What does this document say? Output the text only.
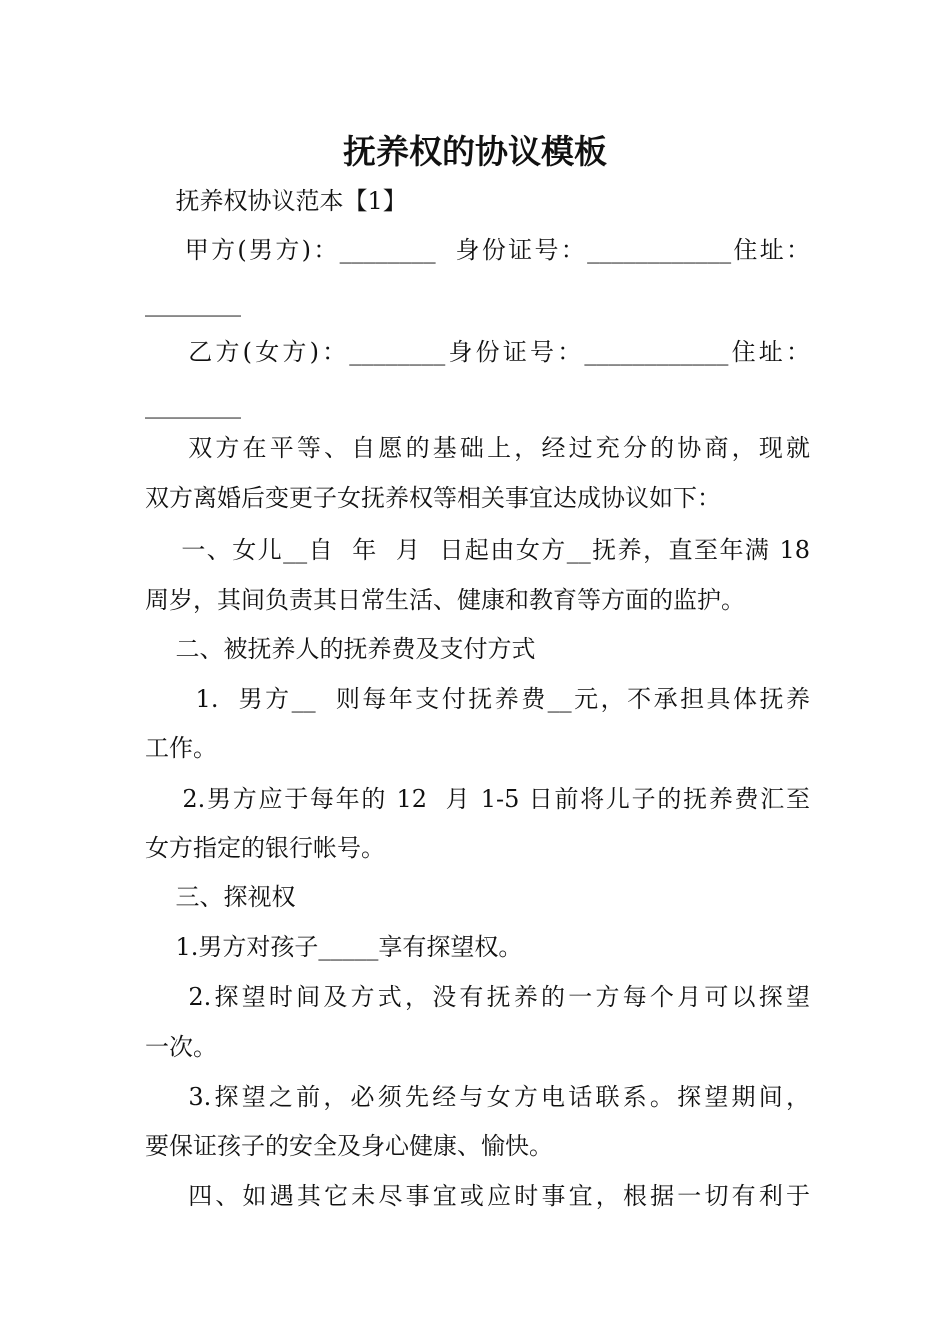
抚养权的协议模板
抚养权协议范本【1】
甲方(男方)：________  身份证号：____________住址：
________
乙方(女方)：________身份证号：____________住址：
________
双方在平等、自愿的基础上，经过充分的协商，现就
双方离婚后变更子女抚养权等相关事宜达成协议如下：
一、女儿__自  年  月  日起由女方__抚养，直至年满 18
周岁，其间负责其日常生活、健康和教育等方面的监护。
二、被抚养人的抚养费及支付方式
1.  男方__  则每年支付抚养费__元，不承担具体抚养
工作。
2.男方应于每年的 12  月 1-5 日前将儿子的抚养费汇至
女方指定的银行帐号。
三、探视权
1.男方对孩子_____享有探望权。
2.探望时间及方式，没有抚养的一方每个月可以探望
一次。
3.探望之前，必须先经与女方电话联系。探望期间，
要保证孩子的安全及身心健康、愉快。
四、如遇其它未尽事宜或应时事宜，根据一切有利于
